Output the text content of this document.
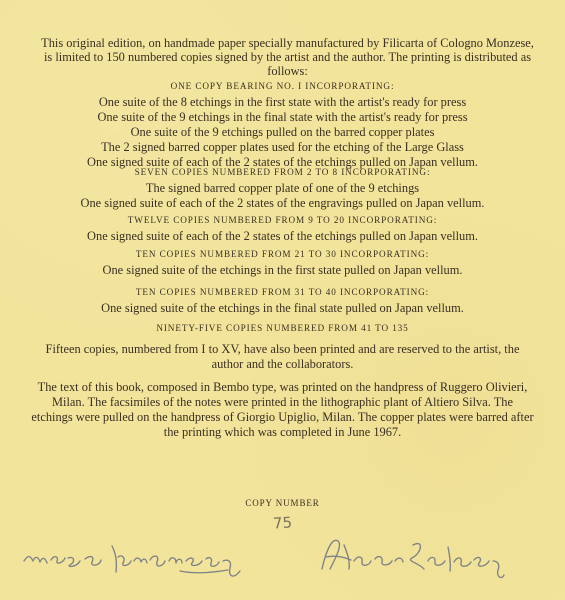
This original edition, on handmade paper specially manufactured by Filicarta of Cologno Monzese, is limited to 150 numbered copies signed by the artist and the author. The printing is distributed as follows:
ONE COPY BEARING NO. I INCORPORATING:
One suite of the 8 etchings in the first state with the artist's ready for press
One suite of the 9 etchings in the final state with the artist's ready for press
One suite of the 9 etchings pulled on the barred copper plates
The 2 signed barred copper plates used for the etching of the Large Glass
One signed suite of each of the 2 states of the etchings pulled on Japan vellum.
SEVEN COPIES NUMBERED FROM 2 TO 8 INCORPORATING:
The signed barred copper plate of one of the 9 etchings
One signed suite of each of the 2 states of the engravings pulled on Japan vellum.
TWELVE COPIES NUMBERED FROM 9 TO 20 INCORPORATING:
One signed suite of each of the 2 states of the etchings pulled on Japan vellum.
TEN COPIES NUMBERED FROM 21 TO 30 INCORPORATING:
One signed suite of the etchings in the first state pulled on Japan vellum.
TEN COPIES NUMBERED FROM 31 TO 40 INCORPORATING:
One signed suite of the etchings in the final state pulled on Japan vellum.
NINETY-FIVE COPIES NUMBERED FROM 41 TO 135
Fifteen copies, numbered from I to XV, have also been printed and are reserved to the artist, the author and the collaborators.
The text of this book, composed in Bembo type, was printed on the handpress of Ruggero Olivieri, Milan. The facsimiles of the notes were printed in the lithographic plant of Altiero Silva. The etchings were pulled on the handpress of Giorgio Upiglio, Milan. The copper plates were barred after the printing which was completed in June 1967.
COPY NUMBER
75
